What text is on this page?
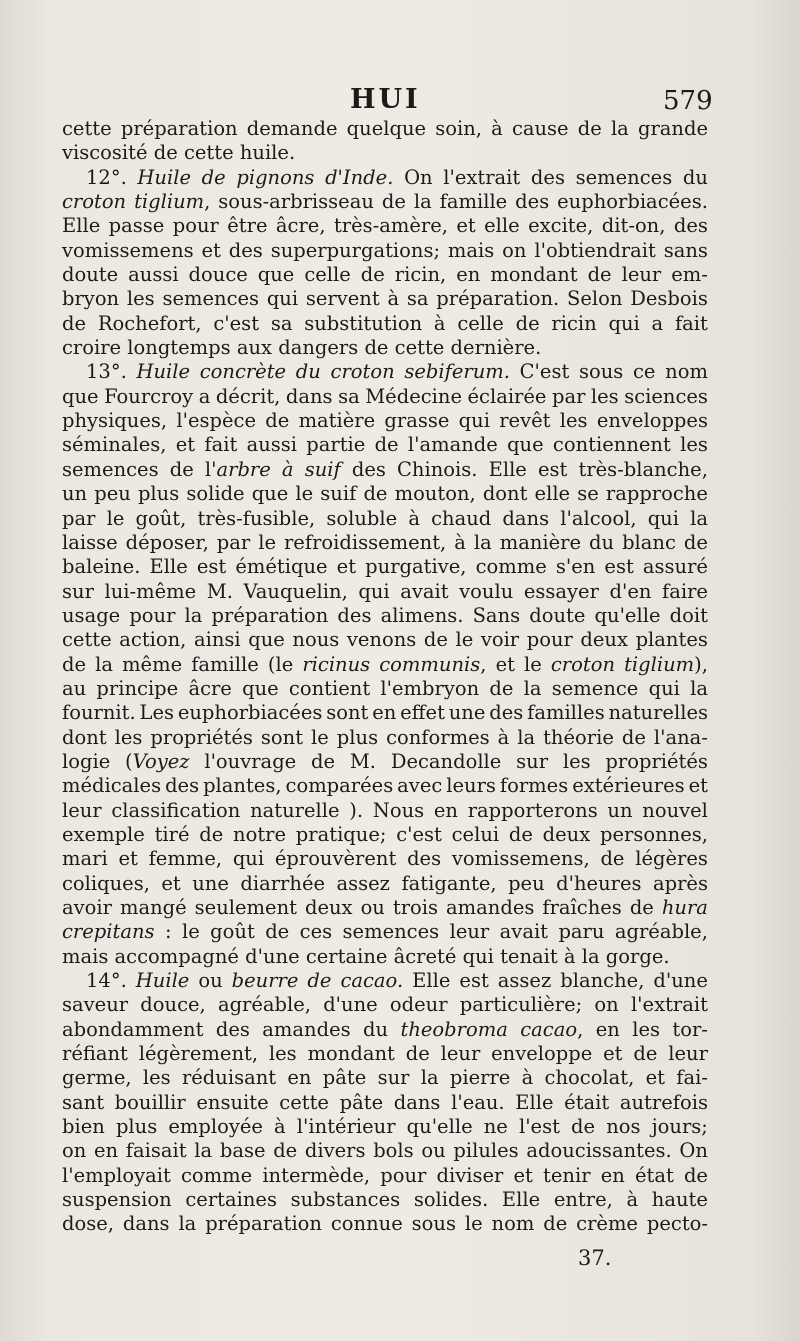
HUI	579
cette préparation demande quelque soin, à cause de la grande
viscosité de cette huile.
12°. Huile de pignons d'Inde. On l'extrait des semences du
croton tiglium, sous-arbrisseau de la famille des euphorbiacées.
Elle passe pour être âcre, très-amère, et elle excite, dit-on, des
vomissemens et des superpurgations; mais on l'obtiendrait sans
doute aussi douce que celle de ricin, en mondant de leur em-
bryon les semences qui servent à sa préparation. Selon Desbois
de Rochefort, c'est sa substitution à celle de ricin qui a fait
croire longtemps aux dangers de cette dernière.
13°. Huile concrète du croton sebiferum. C'est sous ce nom
que Fourcroy a décrit, dans sa Médecine éclairée par les sciences
physiques, l'espèce de matière grasse qui revêt les enveloppes
séminales, et fait aussi partie de l'amande que contiennent les
semences de l'arbre à suif des Chinois. Elle est très-blanche,
un peu plus solide que le suif de mouton, dont elle se rapproche
par le goût, très-fusible, soluble à chaud dans l'alcool, qui la
laisse déposer, par le refroidissement, à la manière du blanc de
baleine. Elle est émétique et purgative, comme s'en est assuré
sur lui-même M. Vauquelin, qui avait voulu essayer d'en faire
usage pour la préparation des alimens. Sans doute qu'elle doit
cette action, ainsi que nous venons de le voir pour deux plantes
de la même famille (le ricinus communis, et le croton tiglium),
au principe âcre que contient l'embryon de la semence qui la
fournit. Les euphorbiacées sont en effet une des familles naturelles
dont les propriétés sont le plus conformes à la théorie de l'ana-
logie (Voyez l'ouvrage de M. Decandolle sur les propriétés
médicales des plantes, comparées avec leurs formes extérieures et
leur classification naturelle ). Nous en rapporterons un nouvel
exemple tiré de notre pratique; c'est celui de deux personnes,
mari et femme, qui éprouvèrent des vomissemens, de légères
coliques, et une diarrhée assez fatigante, peu d'heures après
avoir mangé seulement deux ou trois amandes fraîches de hura
crepitans : le goût de ces semences leur avait paru agréable,
mais accompagné d'une certaine âcreté qui tenait à la gorge.
14°. Huile ou beurre de cacao. Elle est assez blanche, d'une
saveur douce, agréable, d'une odeur particulière; on l'extrait
abondamment des amandes du theobroma cacao, en les tor-
réfiant légèrement, les mondant de leur enveloppe et de leur
germe, les réduisant en pâte sur la pierre à chocolat, et fai-
sant bouillir ensuite cette pâte dans l'eau. Elle était autrefois
bien plus employée à l'intérieur qu'elle ne l'est de nos jours;
on en faisait la base de divers bols ou pilules adoucissantes. On
l'employait comme intermède, pour diviser et tenir en état de
suspension certaines substances solides. Elle entre, à haute
dose, dans la préparation connue sous le nom de crème pecto-
37.
